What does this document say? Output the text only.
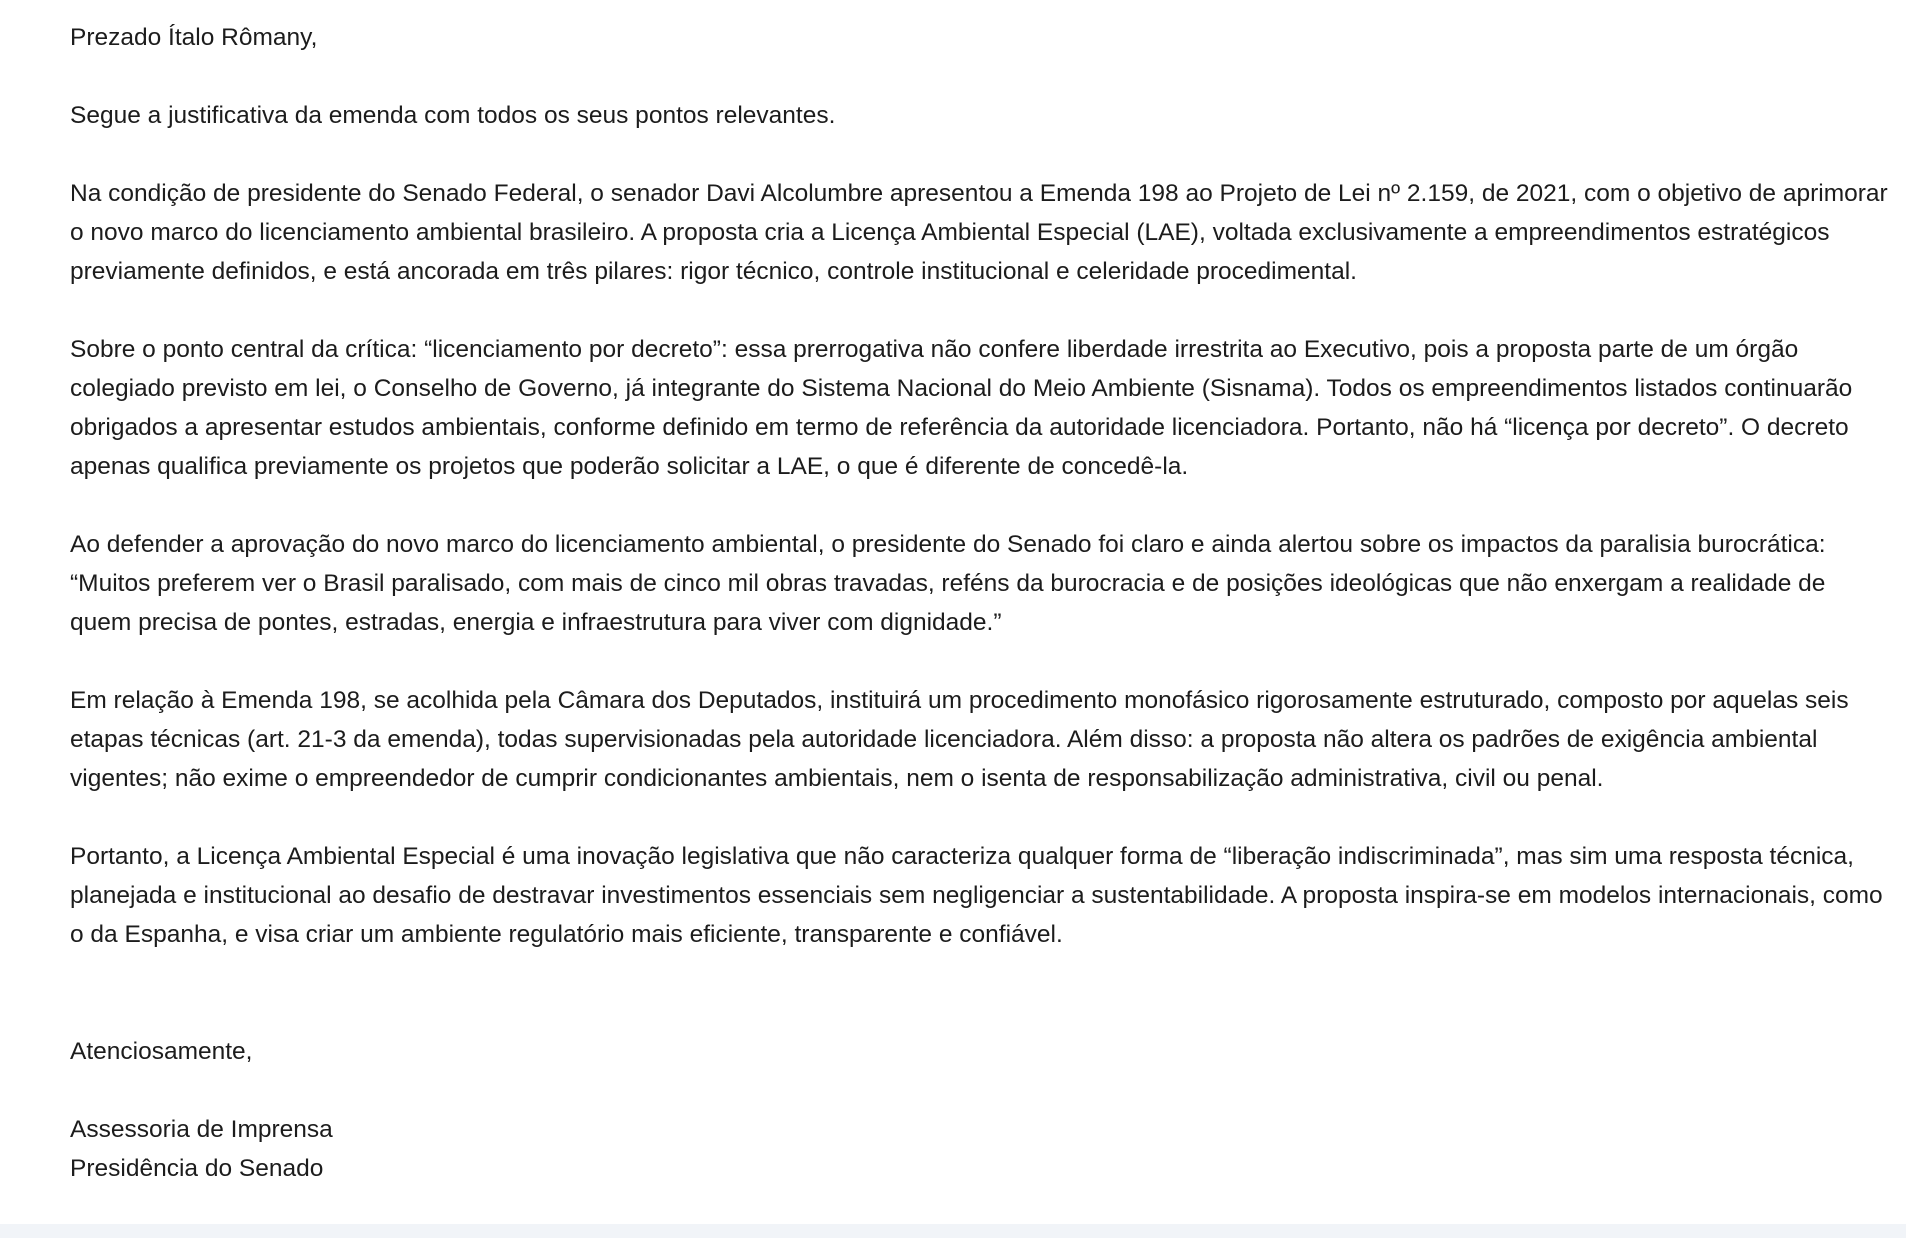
Prezado Ítalo Rômany,

Segue a justificativa da emenda com todos os seus pontos relevantes.

Na condição de presidente do Senado Federal, o senador Davi Alcolumbre apresentou a Emenda 198 ao Projeto de Lei nº 2.159, de 2021, com o objetivo de aprimorar o novo marco do licenciamento ambiental brasileiro. A proposta cria a Licença Ambiental Especial (LAE), voltada exclusivamente a empreendimentos estratégicos previamente definidos, e está ancorada em três pilares: rigor técnico, controle institucional e celeridade procedimental.

Sobre o ponto central da crítica: “licenciamento por decreto”: essa prerrogativa não confere liberdade irrestrita ao Executivo, pois a proposta parte de um órgão colegiado previsto em lei, o Conselho de Governo, já integrante do Sistema Nacional do Meio Ambiente (Sisnama). Todos os empreendimentos listados continuarão obrigados a apresentar estudos ambientais, conforme definido em termo de referência da autoridade licenciadora. Portanto, não há “licença por decreto”. O decreto apenas qualifica previamente os projetos que poderão solicitar a LAE, o que é diferente de concedê-la.

Ao defender a aprovação do novo marco do licenciamento ambiental, o presidente do Senado foi claro e ainda alertou sobre os impactos da paralisia burocrática: “Muitos preferem ver o Brasil paralisado, com mais de cinco mil obras travadas, reféns da burocracia e de posições ideológicas que não enxergam a realidade de quem precisa de pontes, estradas, energia e infraestrutura para viver com dignidade.”

Em relação à Emenda 198, se acolhida pela Câmara dos Deputados, instituirá um procedimento monofásico rigorosamente estruturado, composto por aquelas seis etapas técnicas (art. 21-3 da emenda), todas supervisionadas pela autoridade licenciadora. Além disso: a proposta não altera os padrões de exigência ambiental vigentes; não exime o empreendedor de cumprir condicionantes ambientais, nem o isenta de responsabilização administrativa, civil ou penal.

Portanto, a Licença Ambiental Especial é uma inovação legislativa que não caracteriza qualquer forma de “liberação indiscriminada”, mas sim uma resposta técnica, planejada e institucional ao desafio de destravar investimentos essenciais sem negligenciar a sustentabilidade. A proposta inspira-se em modelos internacionais, como o da Espanha, e visa criar um ambiente regulatório mais eficiente, transparente e confiável.

Atenciosamente,

Assessoria de Imprensa
Presidência do Senado
